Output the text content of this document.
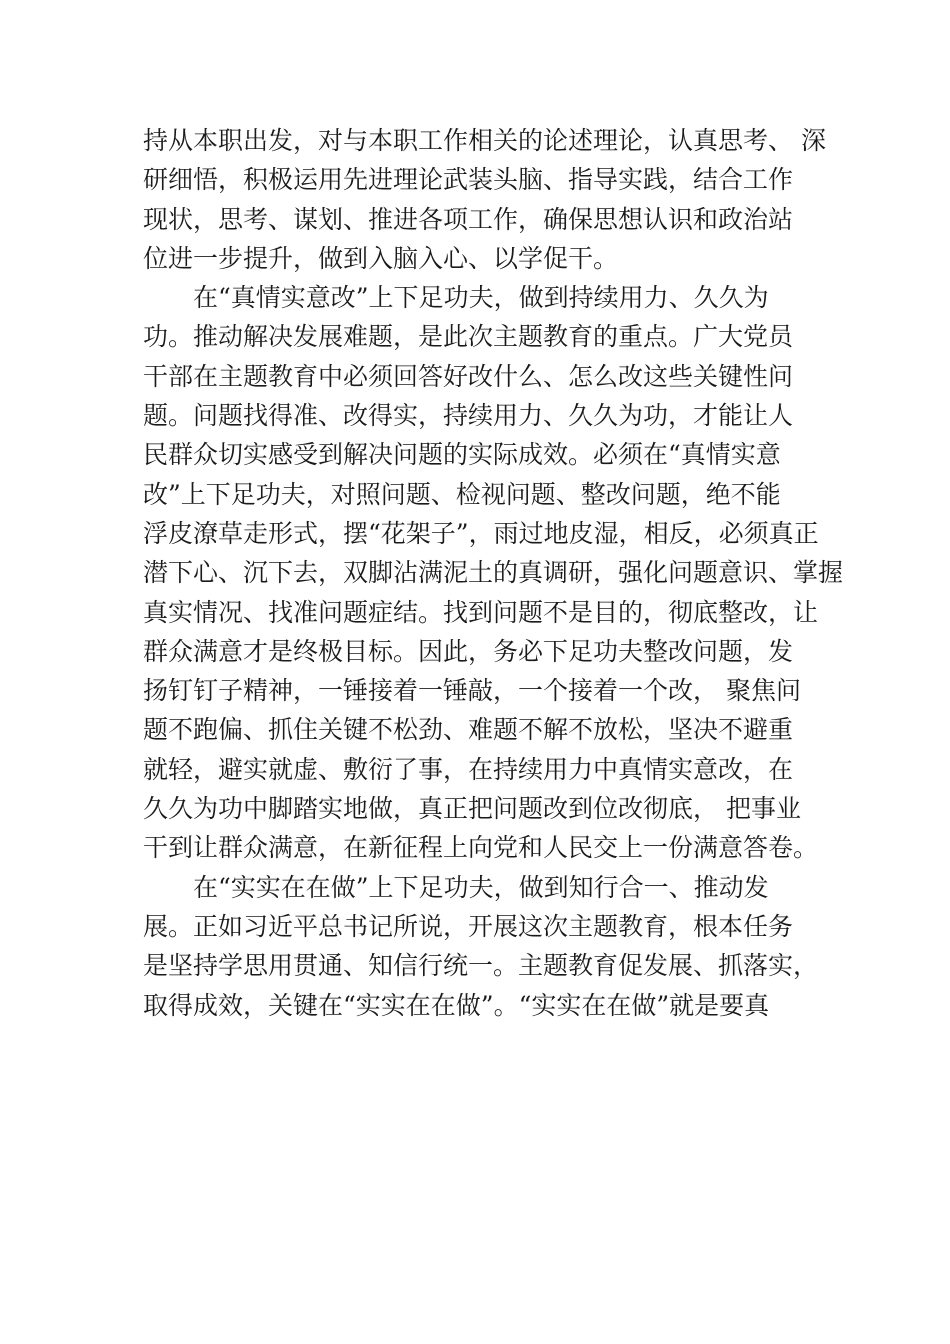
持从本职出发，对与本职工作相关的论述理论，认真思考、 深
研细悟，积极运用先进理论武装头脑、指导实践，结合工作
现状，思考、谋划、推进各项工作，确保思想认识和政治站
位进一步提升，做到入脑入心、以学促干。
　　在“真情实意改”上下足功夫，做到持续用力、久久为
功。推动解决发展难题，是此次主题教育的重点。广大党员
干部在主题教育中必须回答好改什么、怎么改这些关键性问
题。问题找得准、改得实，持续用力、久久为功，才能让人
民群众切实感受到解决问题的实际成效。必须在“真情实意
改”上下足功夫，对照问题、检视问题、整改问题，绝不能
浮皮潦草走形式，摆“花架子”，雨过地皮湿，相反，必须真正
潜下心、沉下去，双脚沾满泥土的真调研，强化问题意识、掌握
真实情况、找准问题症结。找到问题不是目的，彻底整改，让
群众满意才是终极目标。因此，务必下足功夫整改问题，发
扬钉钉子精神，一锤接着一锤敲，一个接着一个改， 聚焦问
题不跑偏、抓住关键不松劲、难题不解不放松，坚决不避重
就轻，避实就虚、敷衍了事，在持续用力中真情实意改，在
久久为功中脚踏实地做，真正把问题改到位改彻底， 把事业
干到让群众满意，在新征程上向党和人民交上一份满意答卷。
　　在“实实在在做”上下足功夫，做到知行合一、推动发
展。正如习近平总书记所说，开展这次主题教育，根本任务
是坚持学思用贯通、知信行统一。主题教育促发展、抓落实，
取得成效，关键在“实实在在做”。“实实在在做”就是要真
